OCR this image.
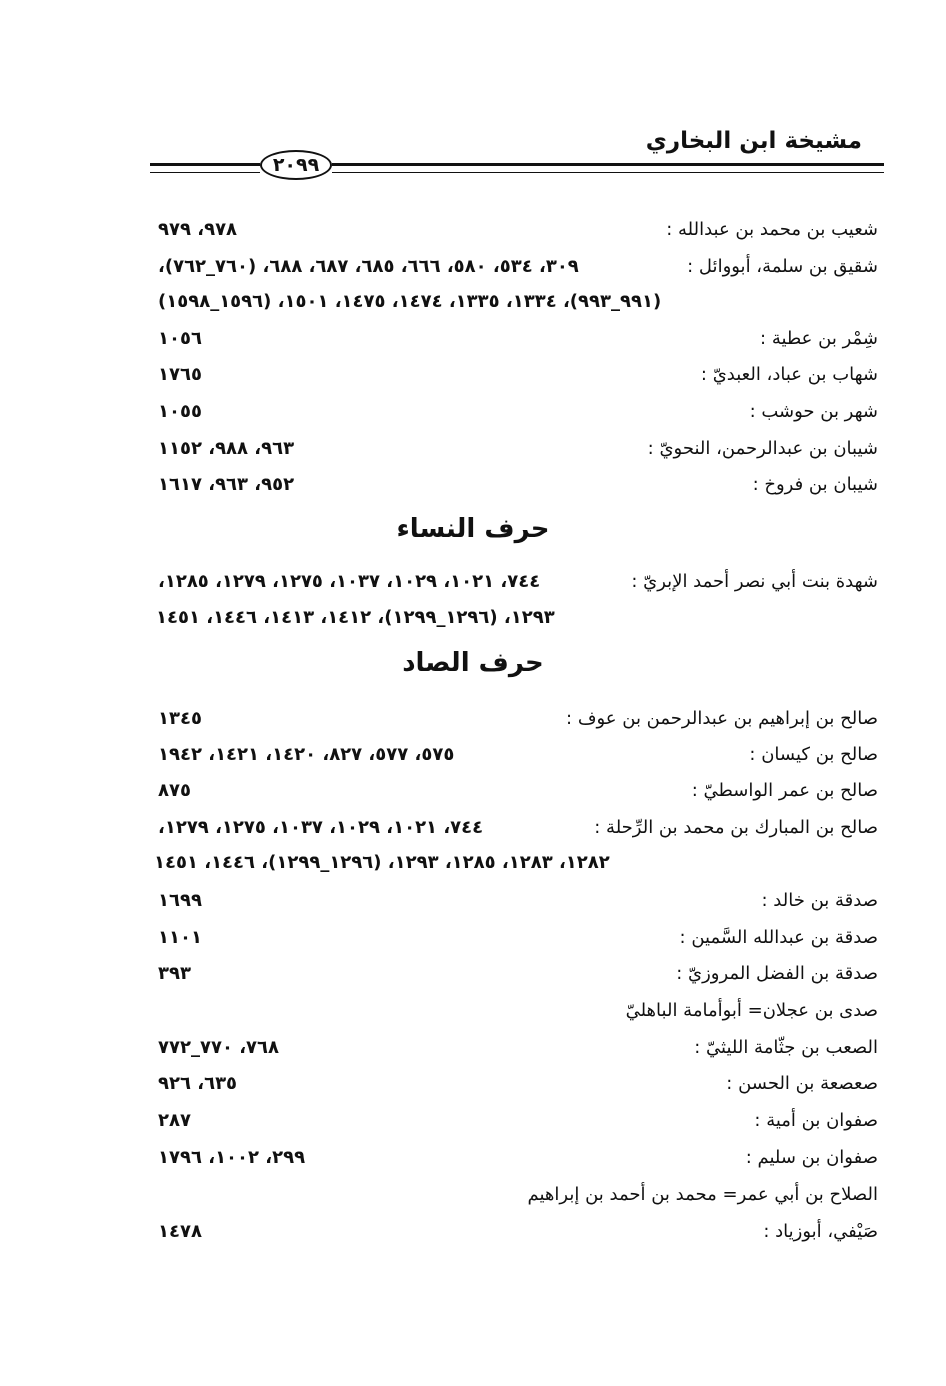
مشيخة ابن البخاري
٢٠٩٩
شعيب بن محمد بن عبدالله :
٩٧٨، ٩٧٩
شقيق بن سلمة، أبووائل :
٣٠٩، ٥٣٤، ٥٨٠، ٦٦٦، ٦٨٥، ٦٨٧، ٦٨٨، (٧٦٠_٧٦٢)،
(٩٩١_٩٩٣)، ١٣٣٤، ١٣٣٥، ١٤٧٤، ١٤٧٥، ١٥٠١، (١٥٩٦_١٥٩٨)
شِمْر بن عطية :
١٠٥٦
شهاب بن عباد، العبديّ :
١٧٦٥
شهر بن حوشب :
١٠٥٥
شيبان بن عبدالرحمن، النحويّ :
٩٦٣، ٩٨٨، ١١٥٢
شيبان بن فروخ :
٩٥٢، ٩٦٣، ١٦١٧
حرف النساء
شهدة بنت أبي نصر أحمد الإبريّ :
٧٤٤، ١٠٢١، ١٠٢٩، ١٠٣٧، ١٢٧٥، ١٢٧٩، ١٢٨٥،
١٢٩٣، (١٢٩٦_١٢٩٩)، ١٤١٢، ١٤١٣، ١٤٤٦، ١٤٥١
حرف الصاد
صالح بن إبراهيم بن عبدالرحمن بن عوف :
١٣٤٥
صالح بن كيسان :
٥٧٥، ٥٧٧، ٨٢٧، ١٤٢٠، ١٤٢١، ١٩٤٢
صالح بن عمر الواسطيّ :
٨٧٥
صالح بن المبارك بن محمد بن الرِّحلة :
٧٤٤، ١٠٢١، ١٠٢٩، ١٠٣٧، ١٢٧٥، ١٢٧٩،
١٢٨٢، ١٢٨٣، ١٢٨٥، ١٢٩٣، (١٢٩٦_١٢٩٩)، ١٤٤٦، ١٤٥١
صدقة بن خالد :
١٦٩٩
صدقة بن عبدالله السَّمين :
١١٠١
صدقة بن الفضل المروزيّ :
٣٩٣
صدى بن عجلان= أبوأمامة الباهليّ
الصعب بن جثّامة الليثيّ :
٧٦٨، ٧٧٠_٧٧٢
صعصعة بن الحسن :
٦٣٥، ٩٢٦
صفوان بن أمية :
٢٨٧
صفوان بن سليم :
٢٩٩، ١٠٠٢، ١٧٩٦
الصلاح بن أبي عمر= محمد بن أحمد بن إبراهيم
صَيْفي، أبوزياد :
١٤٧٨
